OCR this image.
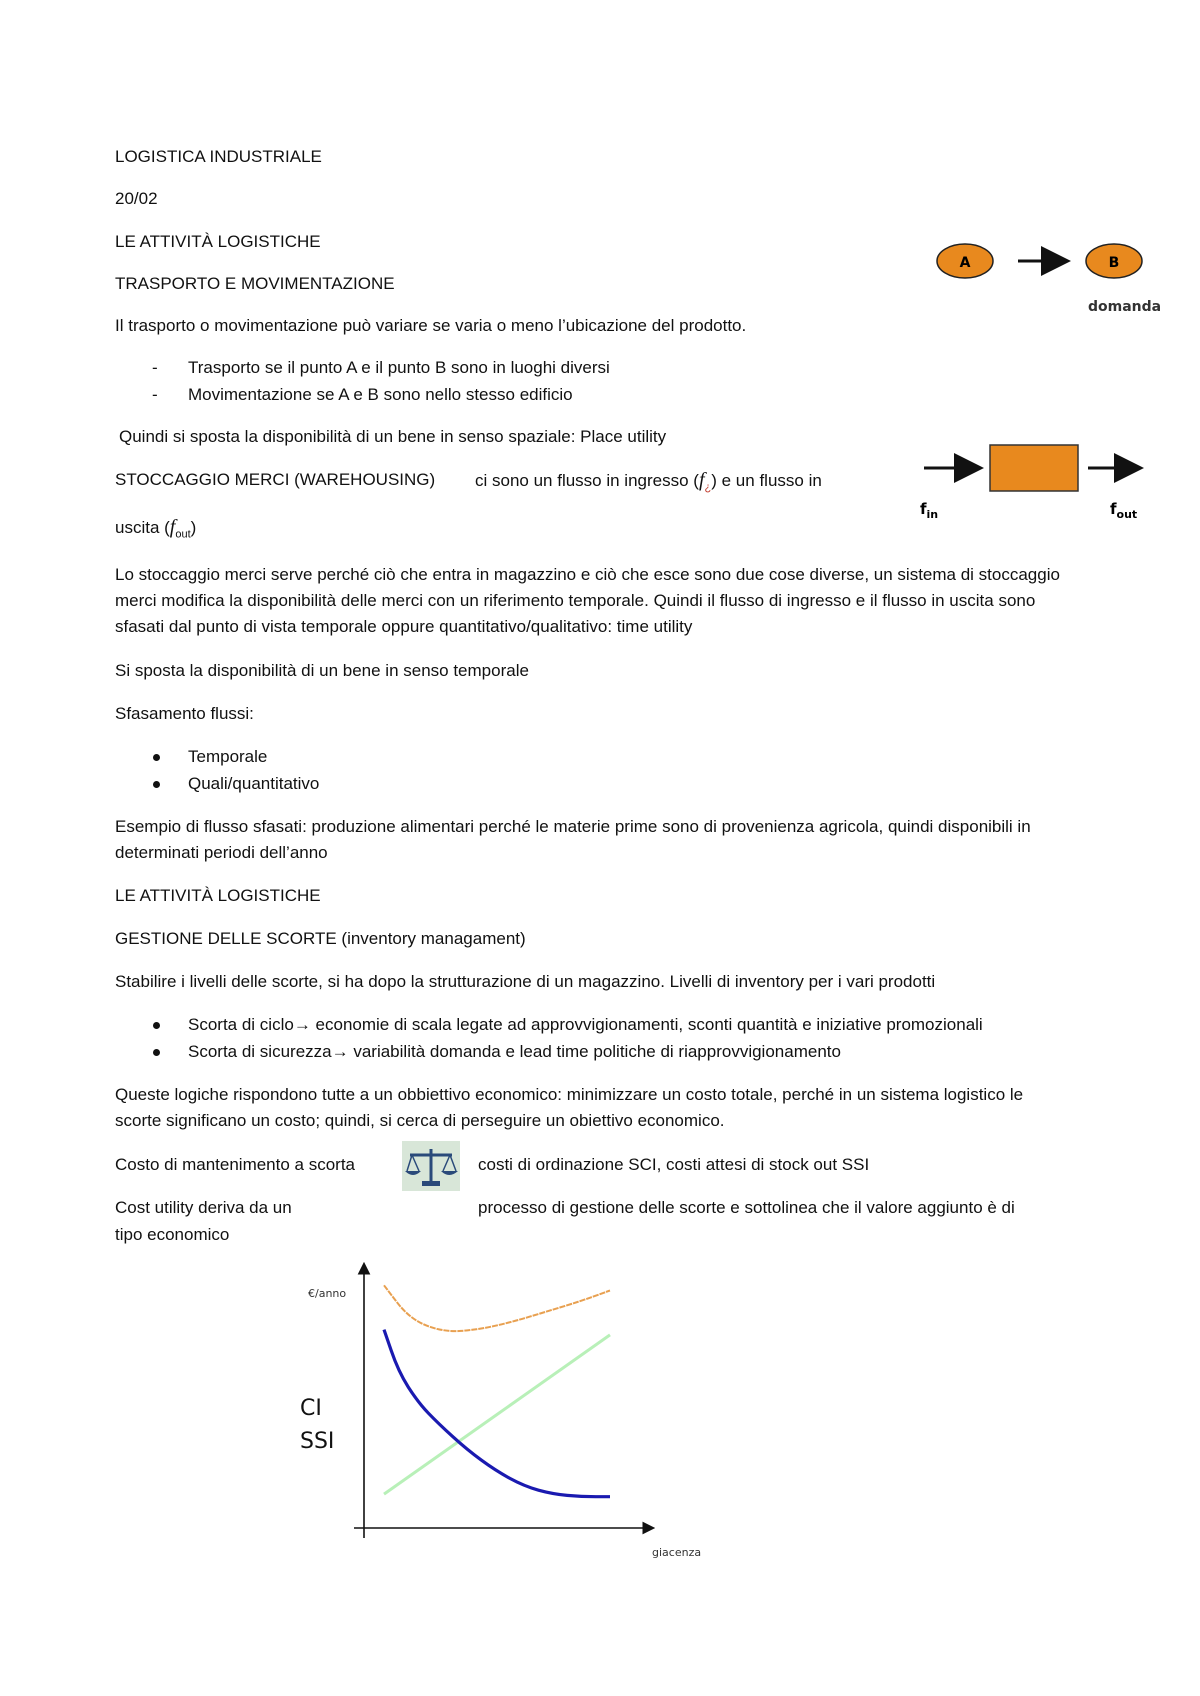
LOGISTICA INDUSTRIALE

20/02

LE ATTIVITÀ LOGISTICHE

TRASPORTO E MOVIMENTAZIONE

Il trasporto o movimentazione può variare se varia o meno l’ubicazione del prodotto.

- Trasporto se il punto A e il punto B sono in luoghi diversi
- Movimentazione se A e B sono nello stesso edificio

Quindi si sposta la disponibilità di un bene in senso spaziale: Place utility

STOCCAGGIO MERCI (WAREHOUSING) ci sono un flusso in ingresso $(f_¿)$ e un flusso in

uscita $(f_{out})$

Lo stoccaggio merci serve perché ciò che entra in magazzino e ciò che esce sono due cose diverse, un sistema di stoccaggio merci modifica la disponibilità delle merci con un riferimento temporale. Quindi il flusso di ingresso e il flusso in uscita sono sfasati dal punto di vista temporale oppure quantitativo/qualitativo: time utility

Si sposta la disponibilità di un bene in senso temporale

Sfasamento flussi:

Temporale
Quali/quantitativo

Esempio di flusso sfasati: produzione alimentari perché le materie prime sono di provenienza agricola, quindi disponibili in determinati periodi dell’anno

LE ATTIVITÀ LOGISTICHE

GESTIONE DELLE SCORTE (inventory managament)

Stabilire i livelli delle scorte, si ha dopo la strutturazione di un magazzino. Livelli di inventory per i vari prodotti

Scorta di ciclo→ economie di scala legate ad approvvigionamenti, sconti quantità e iniziative promozionali
Scorta di sicurezza→ variabilità domanda e lead time politiche di riapprovvigionamento

Queste logiche rispondono tutte a un obbiettivo economico: minimizzare un costo totale, perché in un sistema logistico le scorte significano un costo; quindi, si cerca di perseguire un obiettivo economico.

Costo di mantenimento a scorta	costi di ordinazione SCI, costi attesi di stock out SSI

Cost utility deriva da un	processo di gestione delle scorte e sottolinea che il valore aggiunto è di

tipo economico

A	B
domanda
$f_{in}$	$f_{out}$
€/anno
giacenza
CI
SSI
